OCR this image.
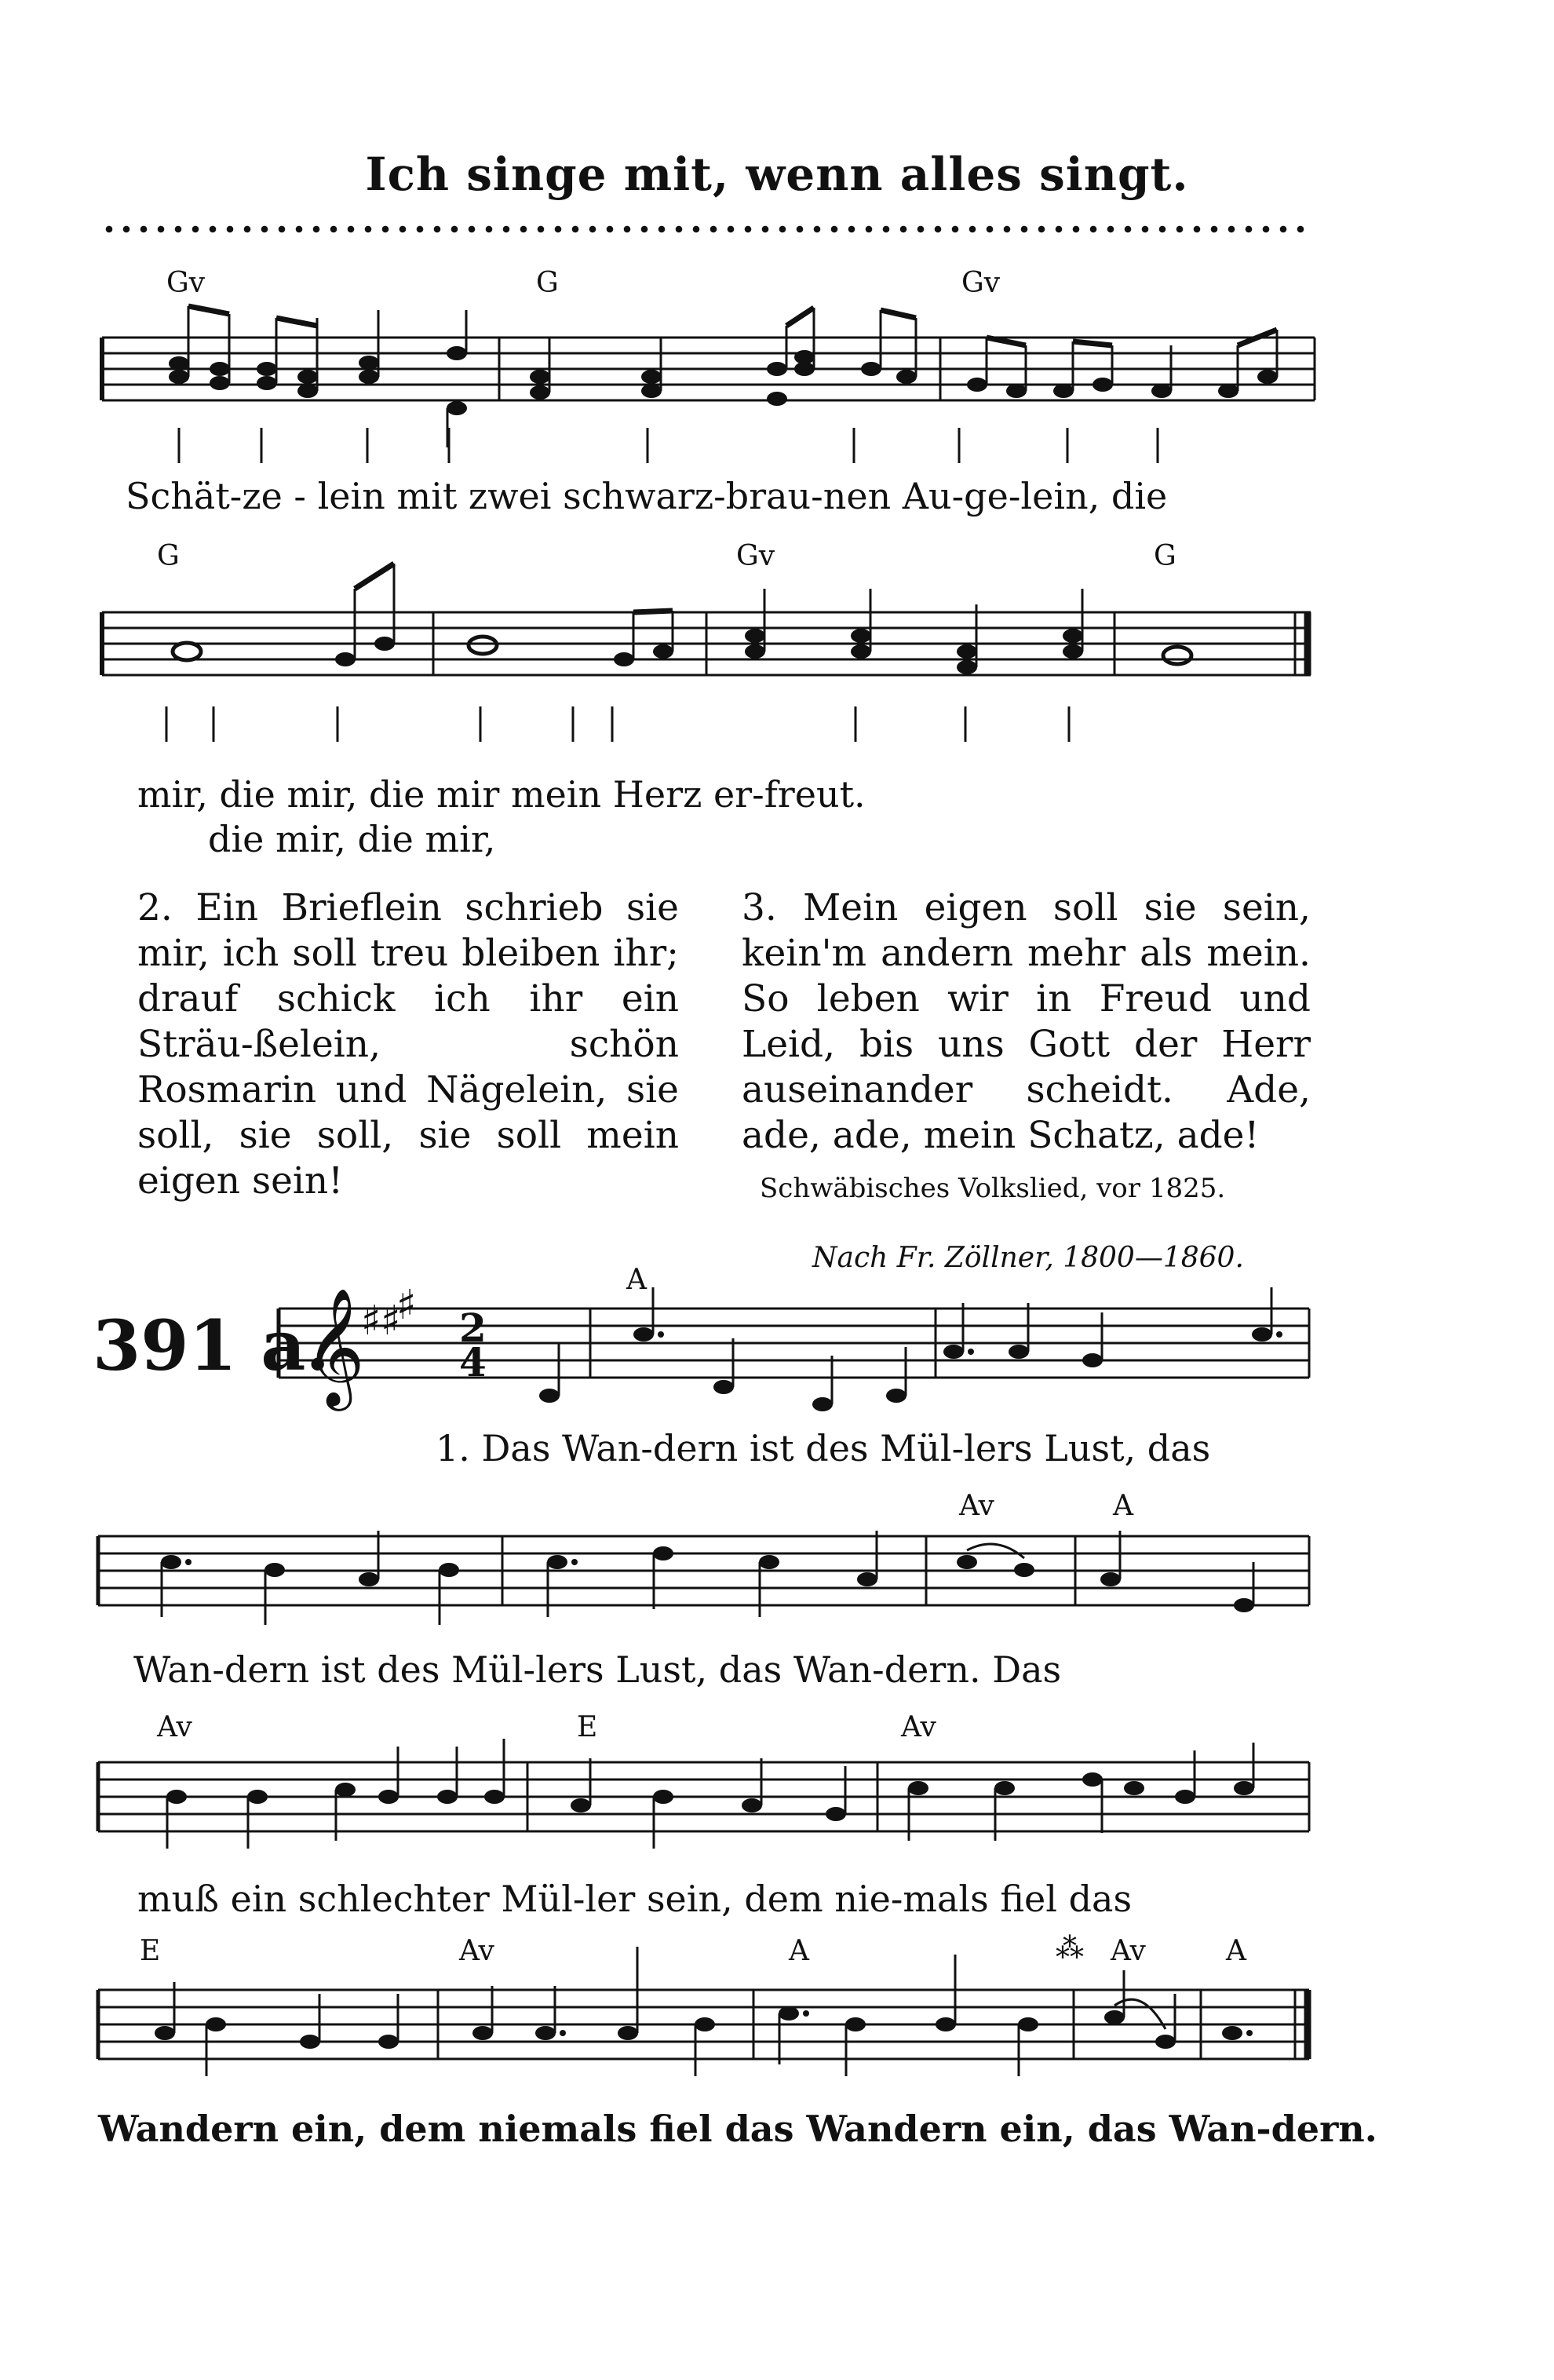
Ich singe mit, wenn alles singt.
Gv	G	Gv
Schät-ze - lein mit zwei schwarz-brau-nen Au-ge-lein, die
G	Gv	G
mir, die mir, die mir mein Herz er-freut.
die mir, die mir,
2. Ein Brieflein schrieb sie mir, ich soll treu bleiben ihr; drauf schick ich ihr ein Sträu-ßelein, schön Rosmarin und Nägelein, sie soll, sie soll, sie soll mein eigen sein!
3. Mein eigen soll sie sein, kein'm andern mehr als mein. So leben wir in Freud und Leid, bis uns Gott der Herr auseinander scheidt. Ade, ade, ade, mein Schatz, ade!
Schwäbisches Volkslied, vor 1825.
Nach Fr. Zöllner, 1800—1860.
391 a.
A
𝄞
♯♯
♯ 2
4
1. Das Wan-dern ist des Mül-lers Lust, das
Av	A
Wan-dern ist des Mül-lers Lust, das Wan-dern. Das
Av	E	Av
muß ein schlechter Mül-ler sein, dem nie-mals fiel das
E	Av	A	⁂ Av	A
Wandern ein, dem niemals fiel das Wandern ein, das Wan-dern.
